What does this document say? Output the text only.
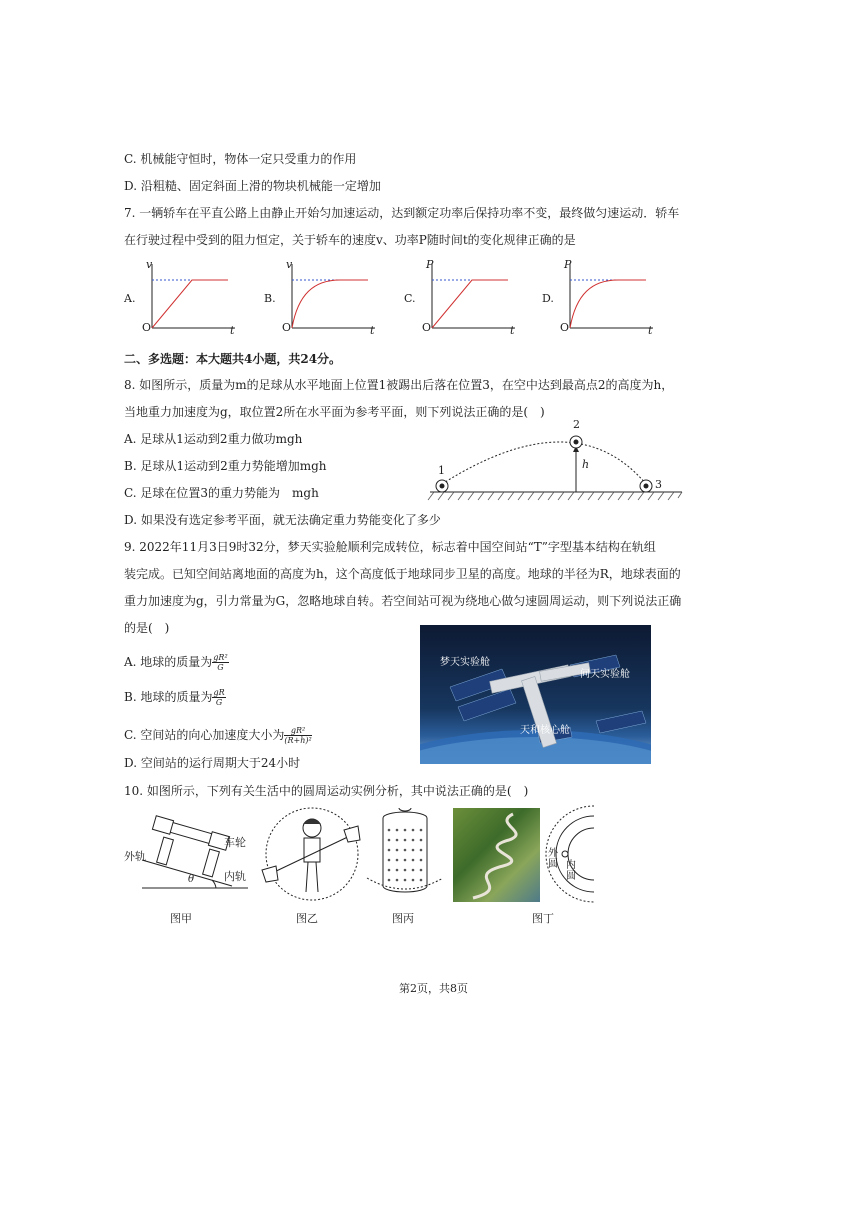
C. 机械能守恒时，物体一定只受重力的作用
D. 沿粗糙、固定斜面上滑的物块机械能一定增加
7. 一辆轿车在平直公路上由静止开始匀加速运动，达到额定功率后保持功率不变，最终做匀速运动．轿车
在行驶过程中受到的阻力恒定，关于轿车的速度v、功率P随时间t的变化规律正确的是
A.
v
O	t
B.
v
O	t
C.
P
O	t
D.
P
O	t
二、多选题：本大题共4小题，共24分。
8. 如图所示，质量为m的足球从水平地面上位置1被踢出后落在位置3，在空中达到最高点2的高度为h，
当地重力加速度为g，取位置2所在水平面为参考平面，则下列说法正确的是(　)
A. 足球从1运动到2重力做功mgh
B. 足球从1运动到2重力势能增加mgh
C. 足球在位置3的重力势能为　mgh
D. 如果没有选定参考平面，就无法确定重力势能变化了多少
1
2
3
h
9. 2022年11月3日9时32分，梦天实验舱顺利完成转位，标志着中国空间站“T”字型基本结构在轨组
装完成。已知空间站离地面的高度为h，这个高度低于地球同步卫星的高度。地球的半径为R，地球表面的
重力加速度为g，引力常量为G，忽略地球自转。若空间站可视为绕地心做匀速圆周运动，则下列说法正确
的是(　)
A. 地球的质量为 $\frac{\text{gR²}}{G}$
B. 地球的质量为 $\frac{gR}{G}$
C. 空间站的向心加速度大小为 $\frac{\text{gR²}}{\text{(R+h)²}}$
D. 空间站的运行周期大于24小时
梦天实验舱
问天实验舱
天和核心舱
10. 如图所示，下列有关生活中的圆周运动实例分析，其中说法正确的是(　)
外轨
车轮
内轨
θ
图甲	图乙	图丙	图丁
外圆 内圆
第2页，共8页
